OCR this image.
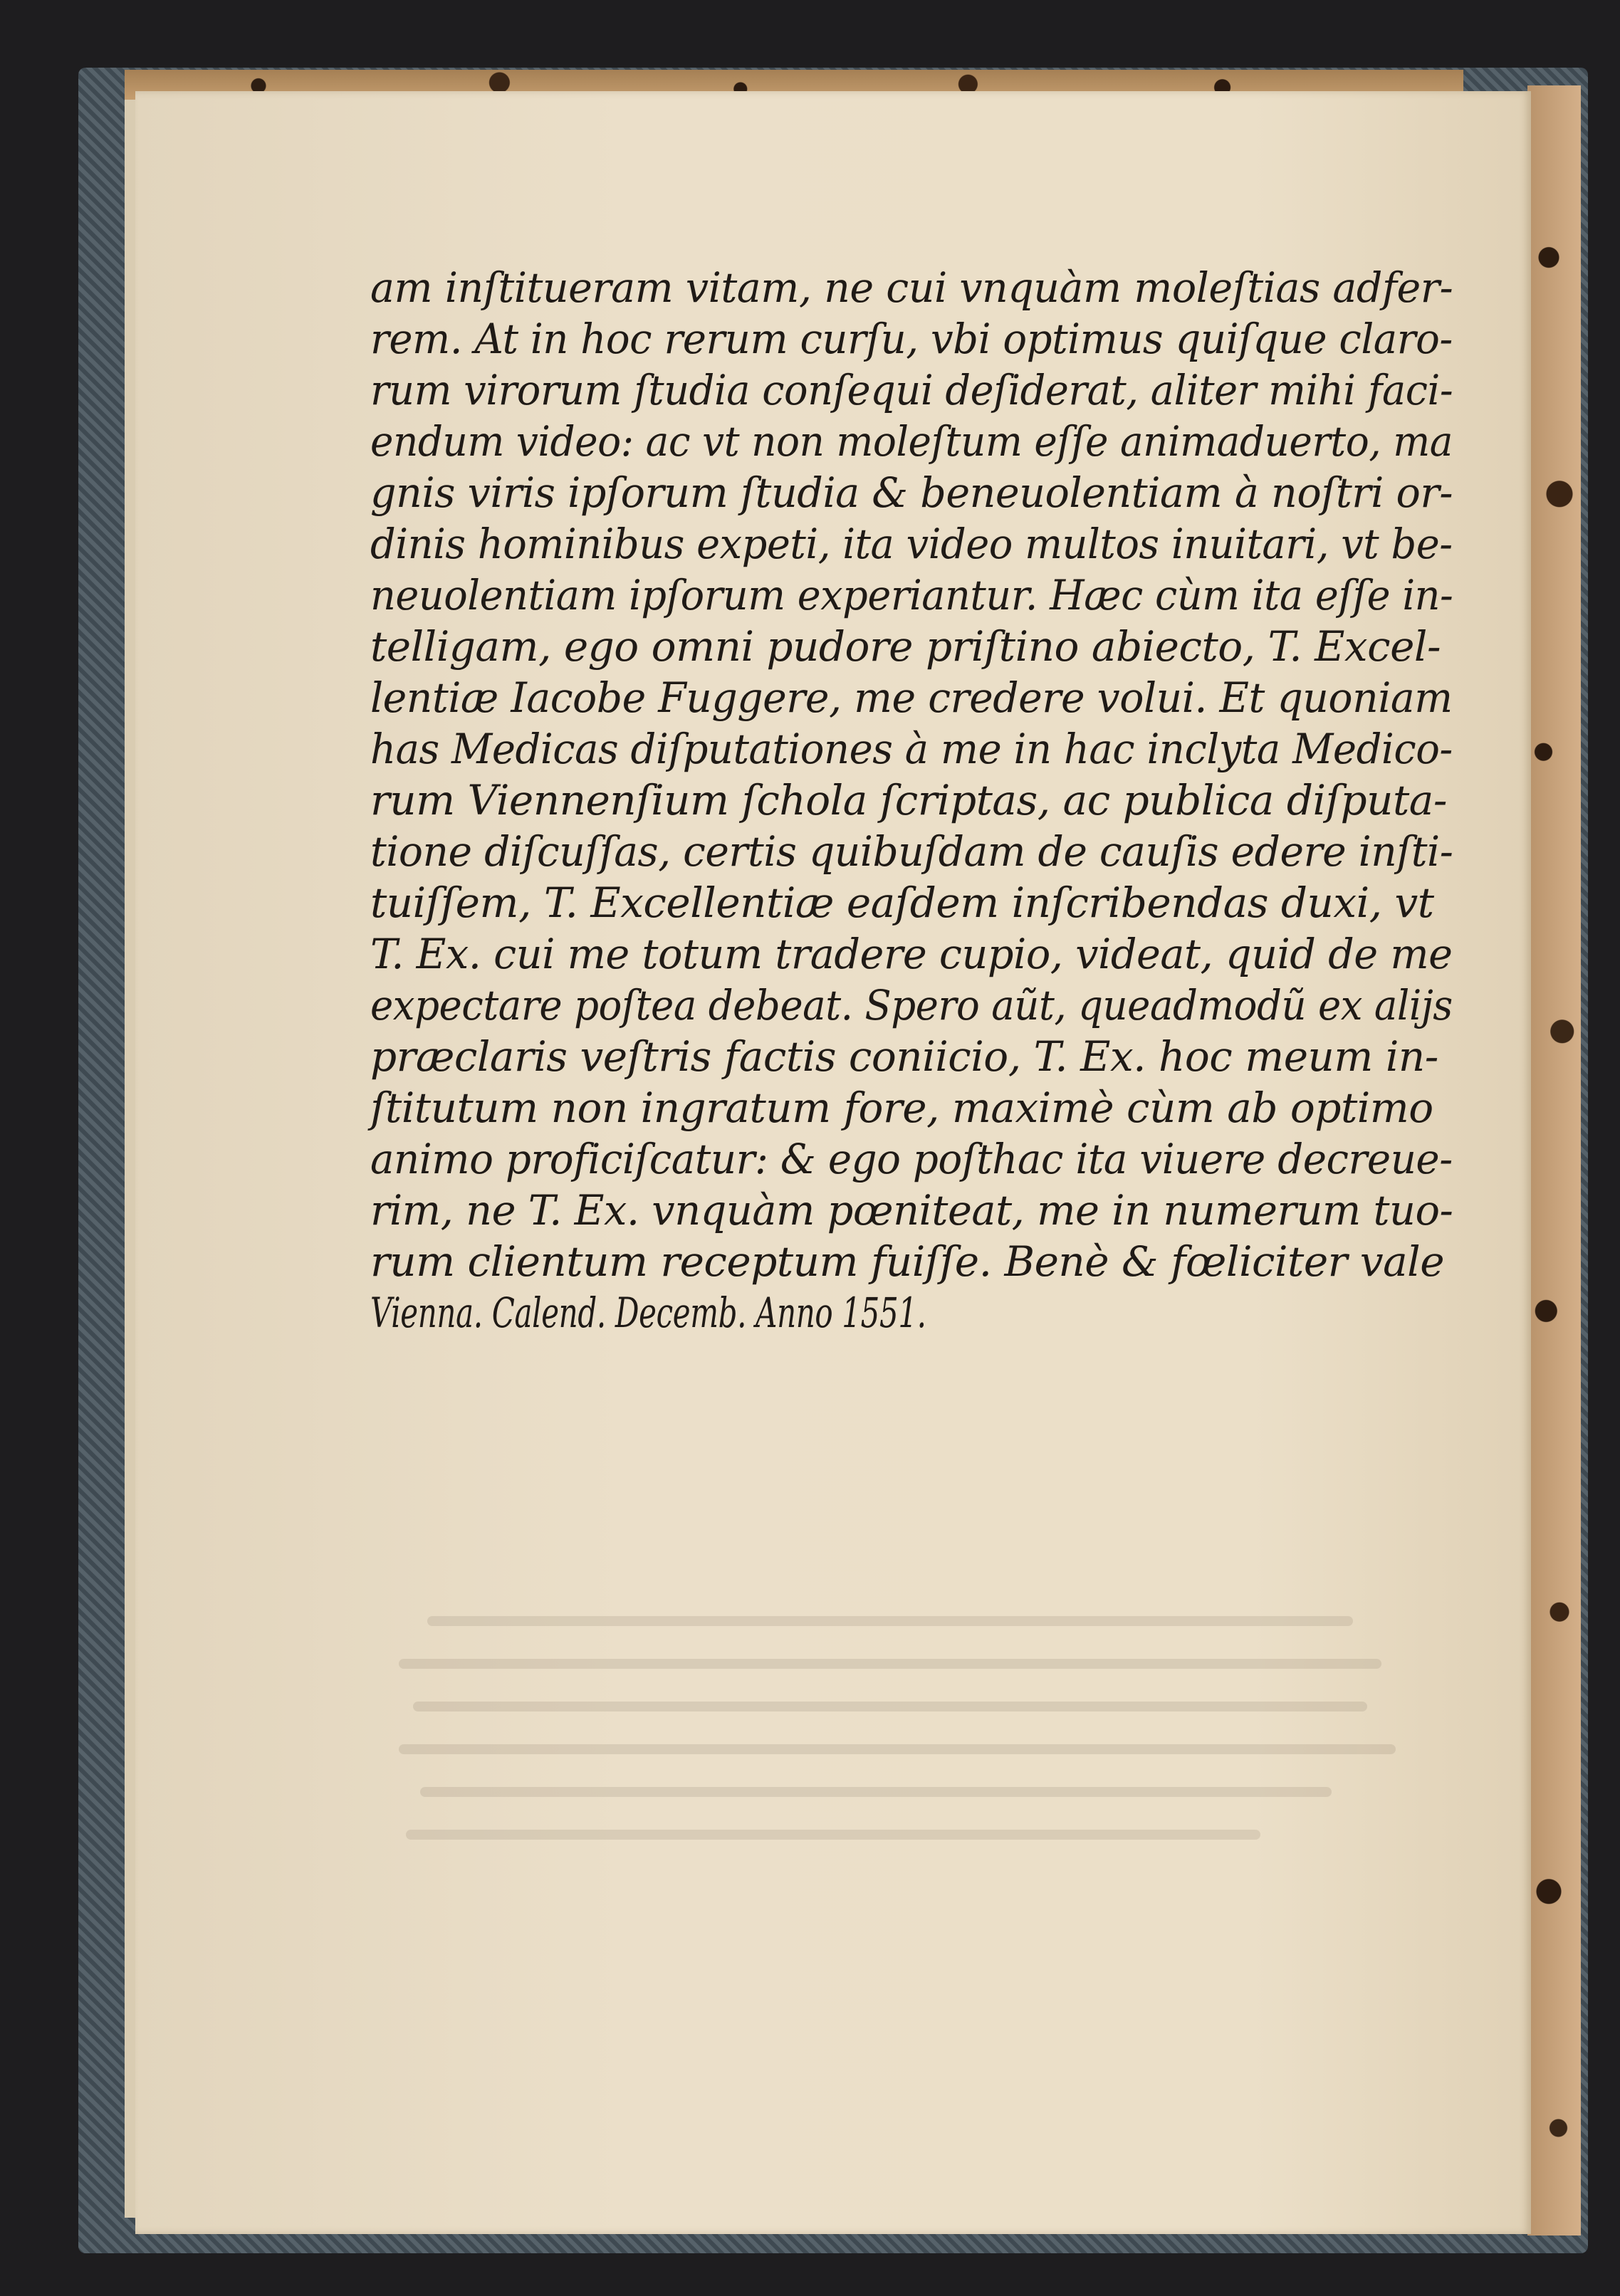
am inſtitueram vitam, ne cui vnquàm moleſtias adfer-
rem. At in hoc rerum curſu, vbi optimus quiſque claro-
rum virorum ſtudia conſequi deſiderat, aliter mihi faci-
endum video: ac vt non moleſtum eſſe animaduerto, ma
gnis viris ipſorum ſtudia & beneuolentiam à noſtri or-
dinis hominibus expeti, ita video multos inuitari, vt be-
neuolentiam ipſorum experiantur. Hæc cùm ita eſſe in-
telligam, ego omni pudore priſtino abiecto, T. Excel-
lentiæ Iacobe Fuggere, me credere volui. Et quoniam
has Medicas diſputationes à me in hac inclyta Medico-
rum Viennenſium ſchola ſcriptas, ac publica diſputa-
tione diſcuſſas, certis quibuſdam de cauſis edere inſti-
tuiſſem, T. Excellentiæ eaſdem inſcribendas duxi, vt
T. Ex. cui me totum tradere cupio, videat, quid de me
expectare poſtea debeat. Spero aũt, queadmodũ ex alijs
præclaris veſtris factis coniicio, T. Ex. hoc meum in-
ſtitutum non ingratum fore, maximè cùm ab optimo
animo proficiſcatur: & ego poſthac ita viuere decreue-
rim, ne T. Ex. vnquàm pœniteat, me in numerum tuo-
rum clientum receptum fuiſſe. Benè & fœliciter vale
Vienna. Calend. Decemb. Anno 1551.
